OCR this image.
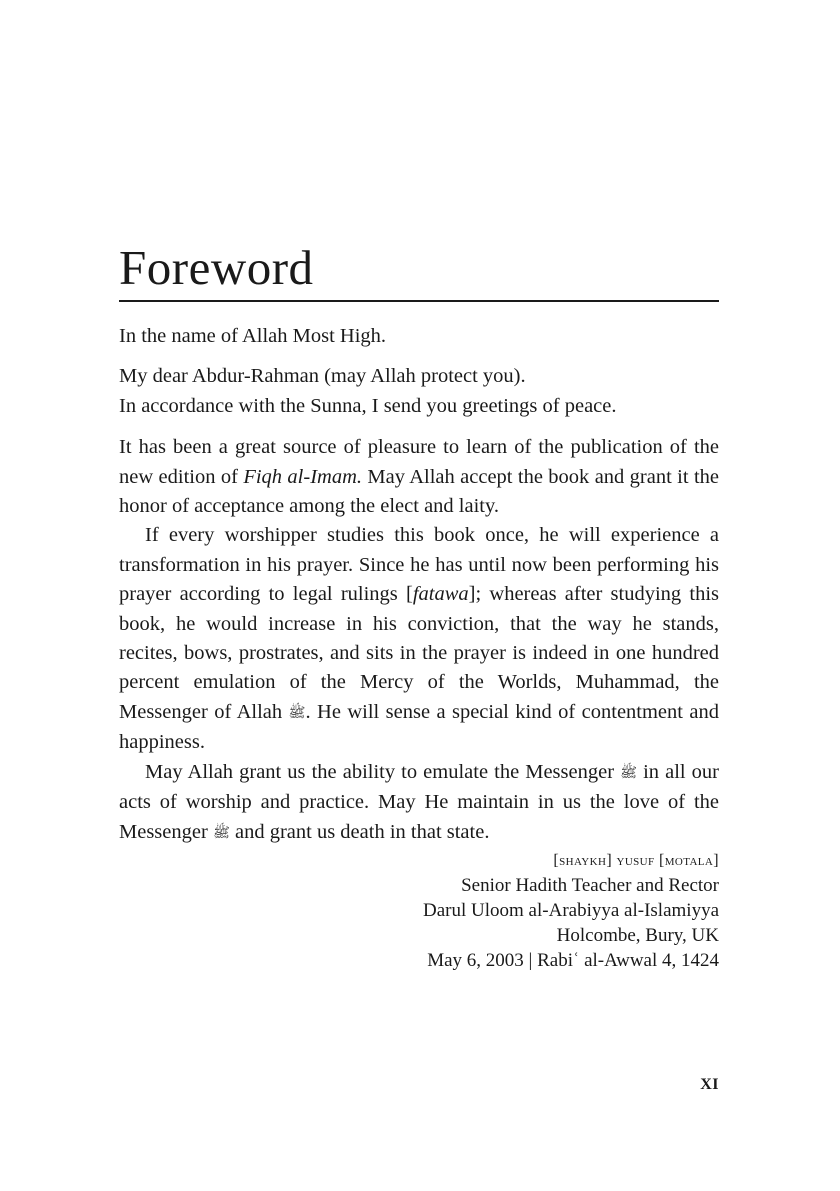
Foreword

In the name of Allah Most High.

My dear Abdur-Rahman (may Allah protect you).

In accordance with the Sunna, I send you greetings of peace.

It has been a great source of pleasure to learn of the publication of the new edition of Fiqh al-Imam. May Allah accept the book and grant it the honor of acceptance among the elect and laity.

If every worshipper studies this book once, he will experience a transformation in his prayer. Since he has until now been performing his prayer according to legal rulings [fatawa]; whereas after studying this book, he would increase in his conviction, that the way he stands, recites, bows, prostrates, and sits in the prayer is indeed in one hundred percent emulation of the Mercy of the Worlds, Muhammad, the Messenger of Allah ﷺ. He will sense a special kind of contentment and happiness.

May Allah grant us the ability to emulate the Messenger ﷺ in all our acts of worship and practice. May He maintain in us the love of the Messenger ﷺ and grant us death in that state.

[shaykh] yusuf [motala]
Senior Hadith Teacher and Rector
Darul Uloom al-Arabiyya al-Islamiyya
Holcombe, Bury, UK
May 6, 2003 | Rabiʿ al-Awwal 4, 1424
XI
